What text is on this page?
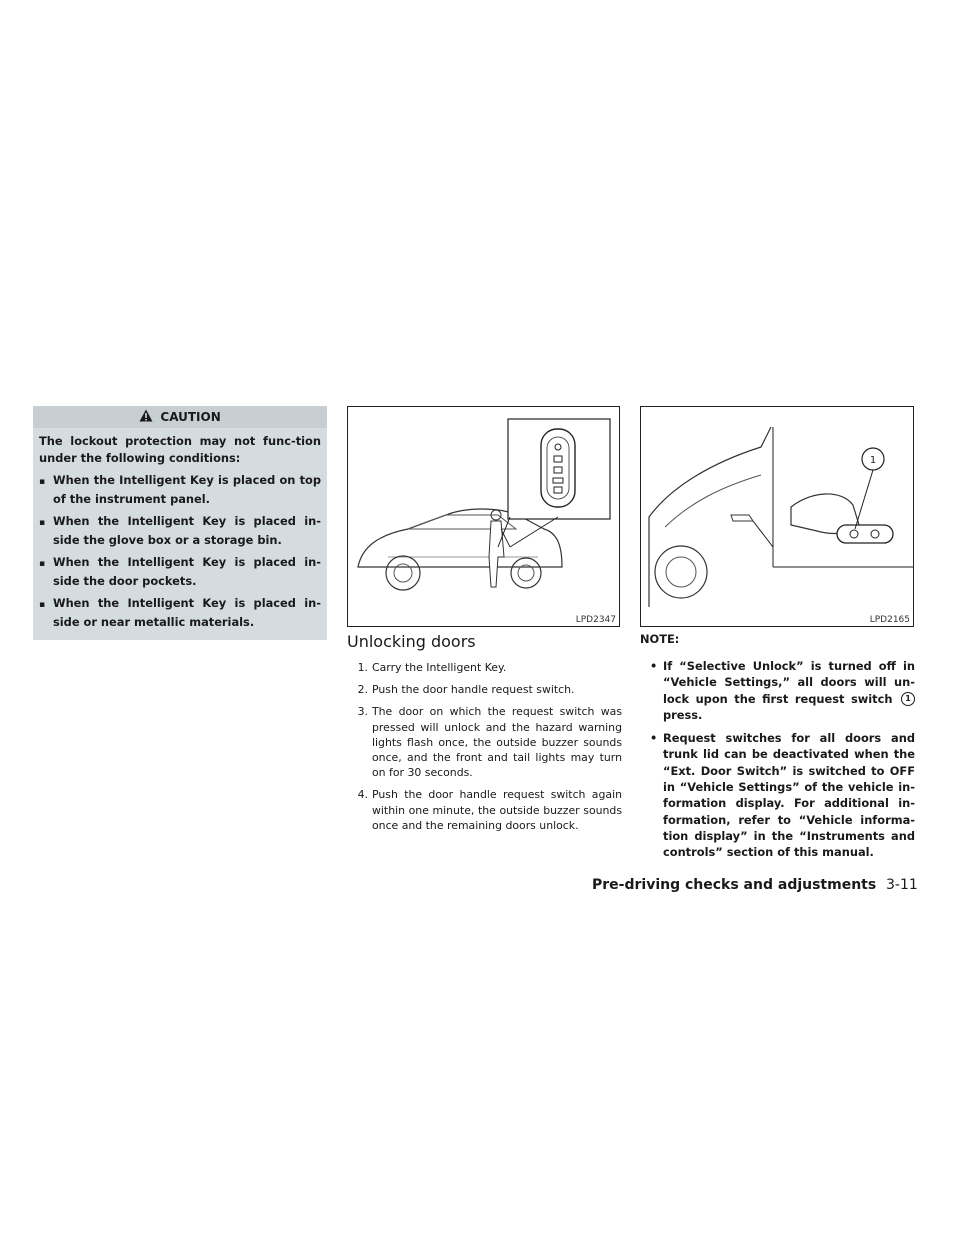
CAUTION
The lockout protection may not func-tion under the following conditions:
▪ When the Intelligent Key is placed on top of the instrument panel.
▪ When the Intelligent Key is placed in-side the glove box or a storage bin.
▪ When the Intelligent Key is placed in-side the door pockets.
▪ When the Intelligent Key is placed in-side or near metallic materials.	LPD2347
1
LPD2165
Unlocking doors
1. Carry the Intelligent Key.
2. Push the door handle request switch.
3. The door on which the request switch was pressed will unlock and the hazard warning lights flash once, the outside buzzer sounds once, and the front and tail lights may turn on for 30 seconds.
4. Push the door handle request switch again within one minute, the outside buzzer sounds once and the remaining doors unlock.
NOTE:
• If “Selective Unlock” is turned off in “Vehicle Settings,” all doors will un-lock upon the first request switch 1 press.
• Request switches for all doors and trunk lid can be deactivated when the “Ext. Door Switch” is switched to OFF in “Vehicle Settings” of the vehicle in-formation display. For additional in-formation, refer to “Vehicle informa-tion display” in the “Instruments and controls” section of this manual.
Pre-driving checks and adjustments 3-11
